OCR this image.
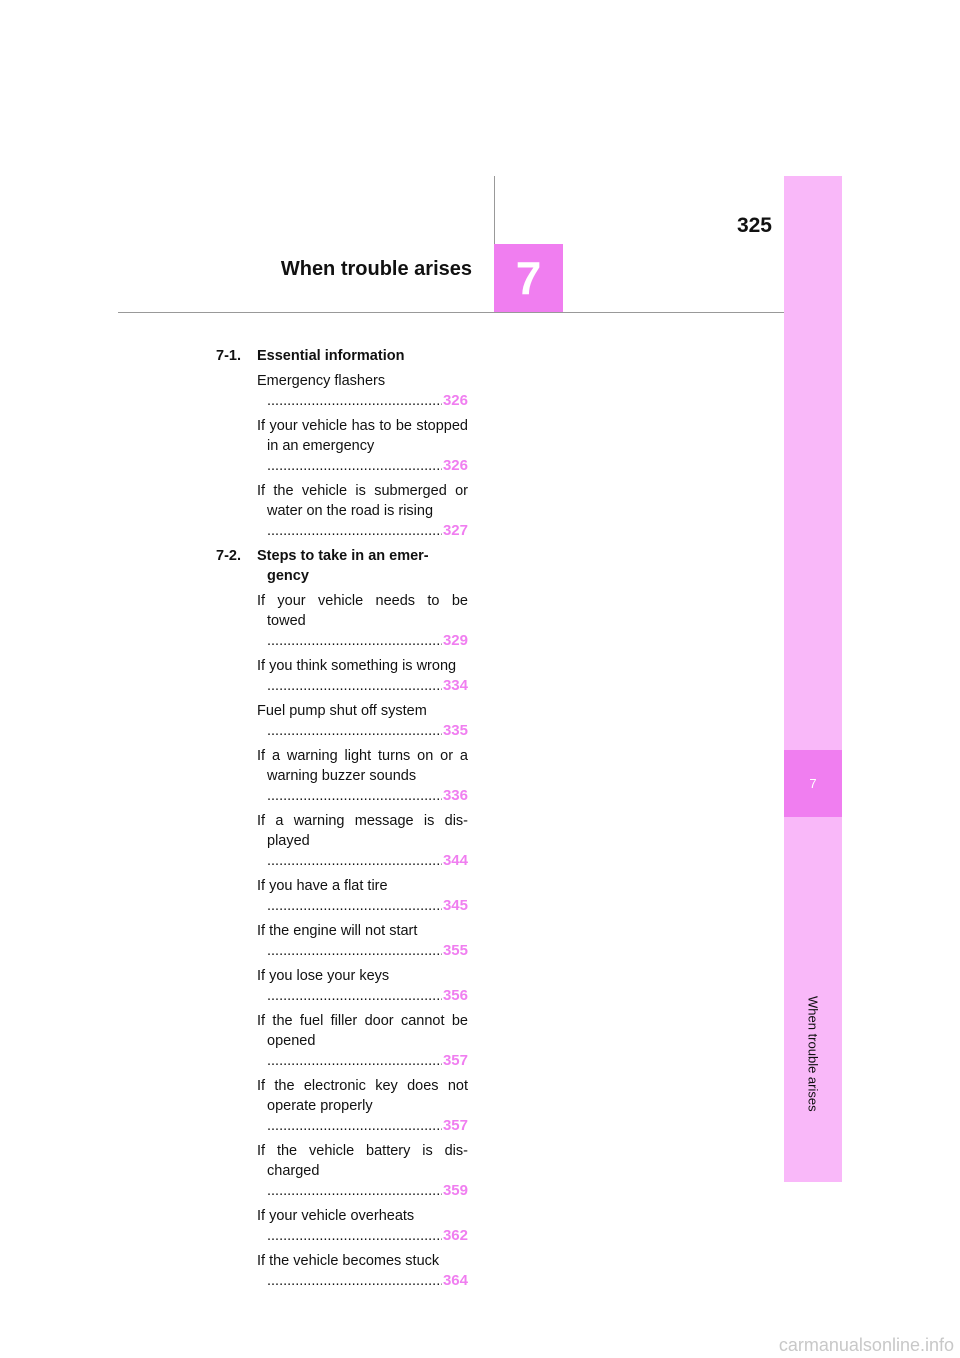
7
When trouble arises
325
When trouble arises 7
7-1. Essential information
Emergency flashers
.....
326
If your vehicle has to be stopped in an emergency
.....
326
If the vehicle is submerged or water on the road is rising
.....
327
7-2. Steps to take in an emer-gency
If your vehicle needs to be towed
.....
329
If you think something is wrong
.....
334
Fuel pump shut off system
.....
335
If a warning light turns on or a warning buzzer sounds
.....
336
If a warning message is dis-played
.....
344
If you have a flat tire
.....
345
If the engine will not start
.....
355
If you lose your keys
.....
356
If the fuel filler door cannot be opened
.....
357
If the electronic key does not operate properly
.....
357
If the vehicle battery is dis-charged
.....
359
If your vehicle overheats
.....
362
If the vehicle becomes stuck
.....
364
carmanualsonline.info
